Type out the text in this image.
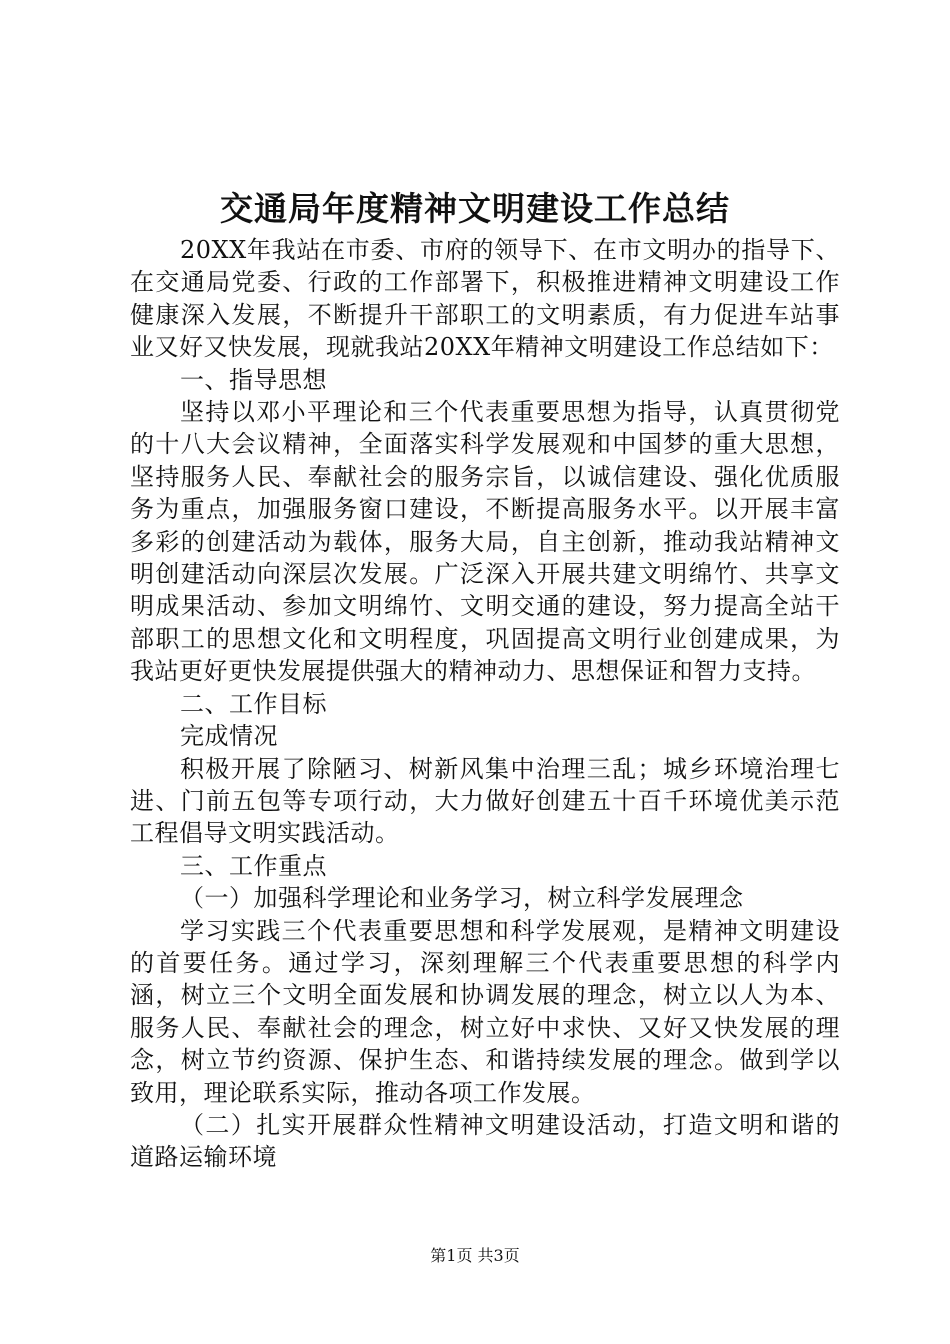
交通局年度精神文明建设工作总结

20XX年我站在市委、市府的领导下、在市文明办的指导下、在交通局党委、行政的工作部署下，积极推进精神文明建设工作健康深入发展，不断提升干部职工的文明素质，有力促进车站事业又好又快发展，现就我站20XX年精神文明建设工作总结如下：

一、指导思想

坚持以邓小平理论和三个代表重要思想为指导，认真贯彻党的十八大会议精神，全面落实科学发展观和中国梦的重大思想，坚持服务人民、奉献社会的服务宗旨，以诚信建设、强化优质服务为重点，加强服务窗口建设，不断提高服务水平。以开展丰富多彩的创建活动为载体，服务大局，自主创新，推动我站精神文明创建活动向深层次发展。广泛深入开展共建文明绵竹、共享文明成果活动、参加文明绵竹、文明交通的建设，努力提高全站干部职工的思想文化和文明程度，巩固提高文明行业创建成果，为我站更好更快发展提供强大的精神动力、思想保证和智力支持。

二、工作目标

完成情况

积极开展了除陋习、树新风集中治理三乱；城乡环境治理七进、门前五包等专项行动，大力做好创建五十百千环境优美示范工程倡导文明实践活动。

三、工作重点

（一）加强科学理论和业务学习，树立科学发展理念

学习实践三个代表重要思想和科学发展观，是精神文明建设的首要任务。通过学习，深刻理解三个代表重要思想的科学内涵，树立三个文明全面发展和协调发展的理念，树立以人为本、服务人民、奉献社会的理念，树立好中求快、又好又快发展的理念，树立节约资源、保护生态、和谐持续发展的理念。做到学以致用，理论联系实际，推动各项工作发展。

（二）扎实开展群众性精神文明建设活动，打造文明和谐的道路运输环境

第1页 共3页
